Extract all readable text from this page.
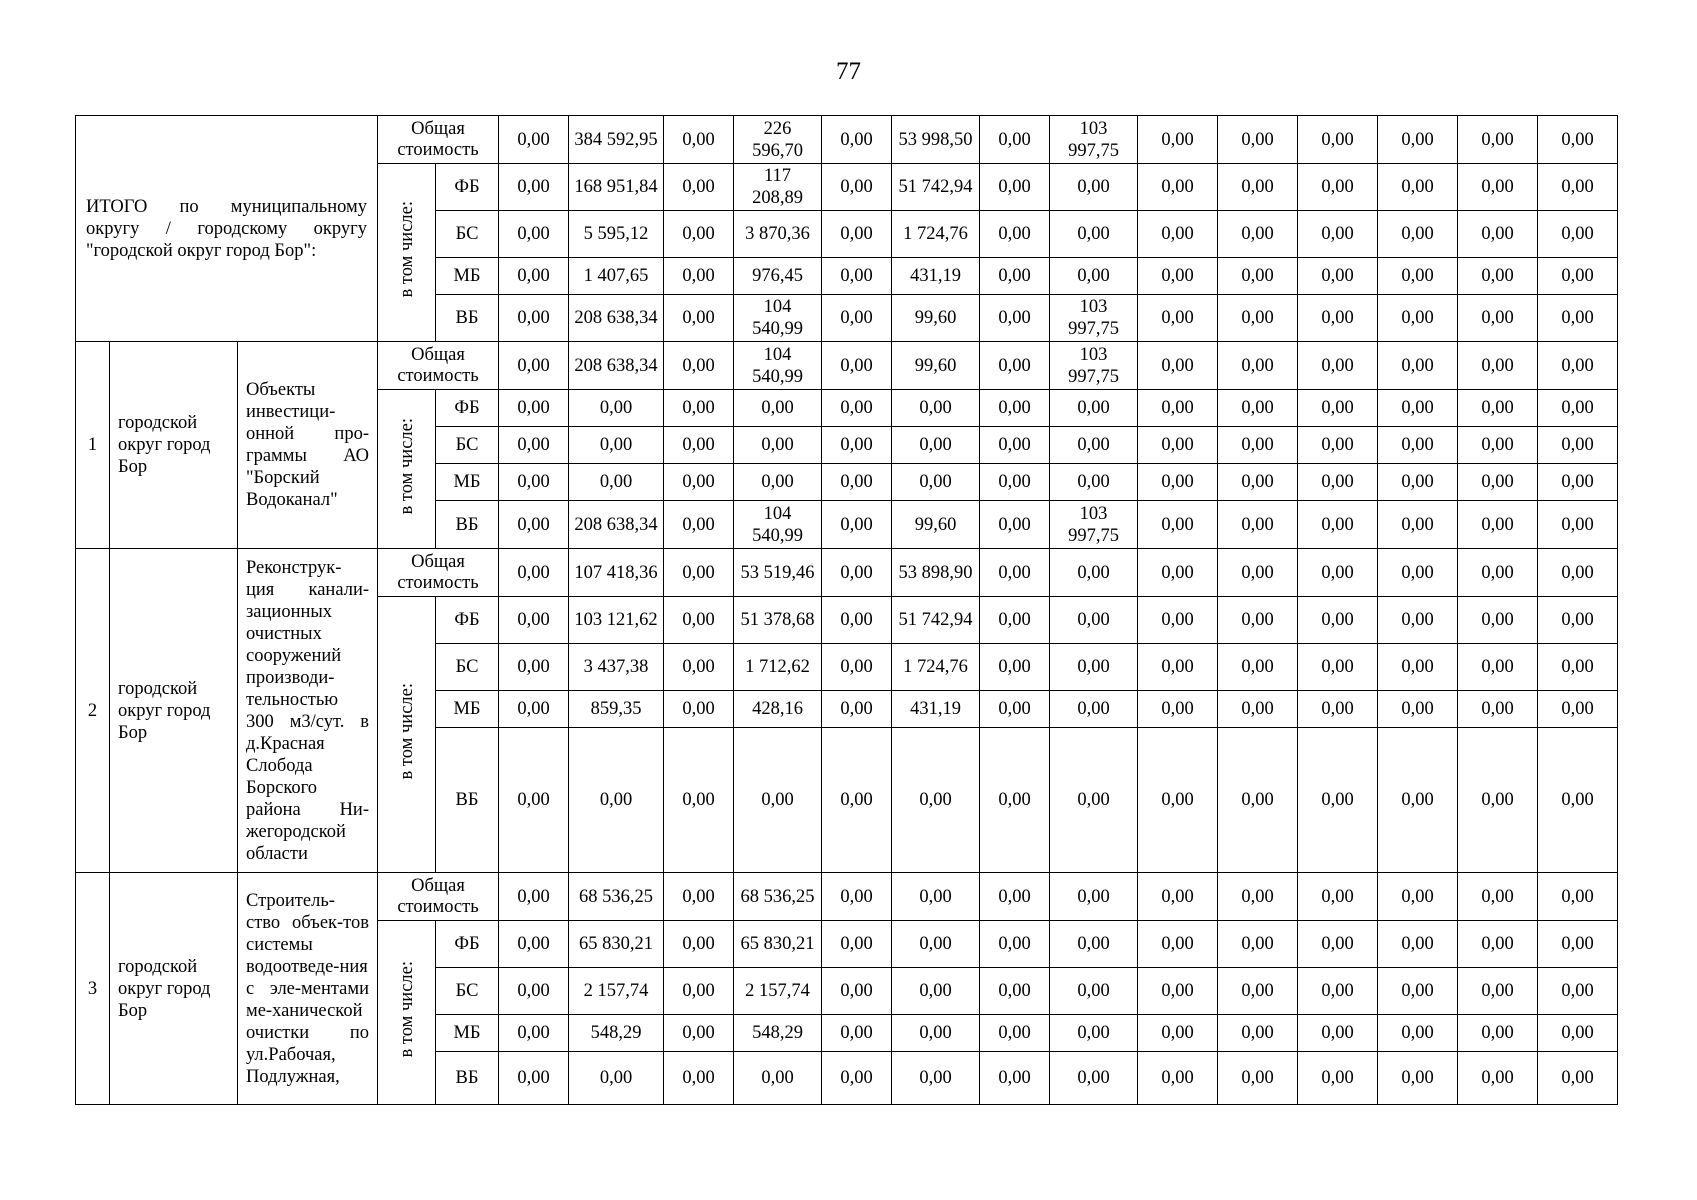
77
ИТОГО по муниципальному округу / городскому округу "городской округ город Бор":			Общая стоимость		0,00	384 592,95	0,00	226 596,70	0,00	53 998,50	0,00	103 997,75	0,00	0,00	0,00	0,00	0,00	0,00
			в том числе:	ФБ	0,00	168 951,84	0,00	117 208,89	0,00	51 742,94	0,00	0,00	0,00	0,00	0,00	0,00	0,00	0,00
				БС	0,00	5 595,12	0,00	3 870,36	0,00	1 724,76	0,00	0,00	0,00	0,00	0,00	0,00	0,00	0,00
				МБ	0,00	1 407,65	0,00	976,45	0,00	431,19	0,00	0,00	0,00	0,00	0,00	0,00	0,00	0,00
				ВБ	0,00	208 638,34	0,00	104 540,99	0,00	99,60	0,00	103 997,75	0,00	0,00	0,00	0,00	0,00	0,00
1	городской округ город Бор	Объекты инвестици-онной про-граммы АО "Борский Водоканал"	Общая стоимость		0,00	208 638,34	0,00	104 540,99	0,00	99,60	0,00	103 997,75	0,00	0,00	0,00	0,00	0,00	0,00
			в том числе:	ФБ	0,00	0,00	0,00	0,00	0,00	0,00	0,00	0,00	0,00	0,00	0,00	0,00	0,00	0,00
				БС	0,00	0,00	0,00	0,00	0,00	0,00	0,00	0,00	0,00	0,00	0,00	0,00	0,00	0,00
				МБ	0,00	0,00	0,00	0,00	0,00	0,00	0,00	0,00	0,00	0,00	0,00	0,00	0,00	0,00
				ВБ	0,00	208 638,34	0,00	104 540,99	0,00	99,60	0,00	103 997,75	0,00	0,00	0,00	0,00	0,00	0,00
2	городской округ город Бор	Реконструк-ция канали-зационных очистных сооружений производи-тельностью 300 м3/сут. в д.Красная Слобода Борского района Ни-жегородской области	Общая стоимость		0,00	107 418,36	0,00	53 519,46	0,00	53 898,90	0,00	0,00	0,00	0,00	0,00	0,00	0,00	0,00
			в том числе:	ФБ	0,00	103 121,62	0,00	51 378,68	0,00	51 742,94	0,00	0,00	0,00	0,00	0,00	0,00	0,00	0,00
				БС	0,00	3 437,38	0,00	1 712,62	0,00	1 724,76	0,00	0,00	0,00	0,00	0,00	0,00	0,00	0,00
				МБ	0,00	859,35	0,00	428,16	0,00	431,19	0,00	0,00	0,00	0,00	0,00	0,00	0,00	0,00
				ВБ	0,00	0,00	0,00	0,00	0,00	0,00	0,00	0,00	0,00	0,00	0,00	0,00	0,00	0,00
3	городской округ город Бор	Строитель-ство объек-тов системы водоотведе-ния с эле-ментами ме-ханической очистки по ул.Рабочая, Подлужная,	Общая стоимость		0,00	68 536,25	0,00	68 536,25	0,00	0,00	0,00	0,00	0,00	0,00	0,00	0,00	0,00	0,00
			в том числе:	ФБ	0,00	65 830,21	0,00	65 830,21	0,00	0,00	0,00	0,00	0,00	0,00	0,00	0,00	0,00	0,00
				БС	0,00	2 157,74	0,00	2 157,74	0,00	0,00	0,00	0,00	0,00	0,00	0,00	0,00	0,00	0,00
				МБ	0,00	548,29	0,00	548,29	0,00	0,00	0,00	0,00	0,00	0,00	0,00	0,00	0,00	0,00
				ВБ	0,00	0,00	0,00	0,00	0,00	0,00	0,00	0,00	0,00	0,00	0,00	0,00	0,00	0,00
